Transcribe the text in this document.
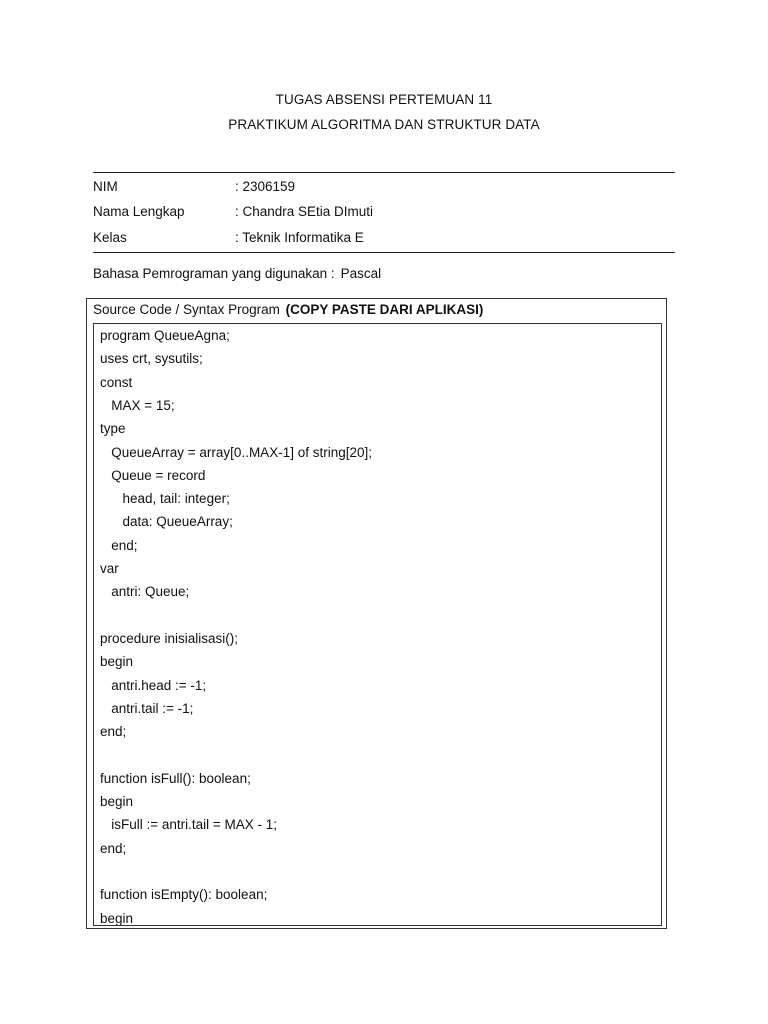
TUGAS ABSENSI PERTEMUAN 11
PRAKTIKUM ALGORITMA DAN STRUKTUR DATA
NIM	: 2306159
Nama Lengkap	: Chandra SEtia DImuti
Kelas	: Teknik Informatika E
Bahasa Pemrograman yang digunakan : Pascal
Source Code / Syntax Program (COPY PASTE DARI APLIKASI)
program QueueAgna;
uses crt, sysutils;
const
MAX = 15;
type
QueueArray = array[0..MAX-1] of string[20];
Queue = record
head, tail: integer;
data: QueueArray;
end;
var
antri: Queue;
procedure inisialisasi();
begin
antri.head := -1;
antri.tail := -1;
end;
function isFull(): boolean;
begin
isFull := antri.tail = MAX - 1;
end;
function isEmpty(): boolean;
begin
